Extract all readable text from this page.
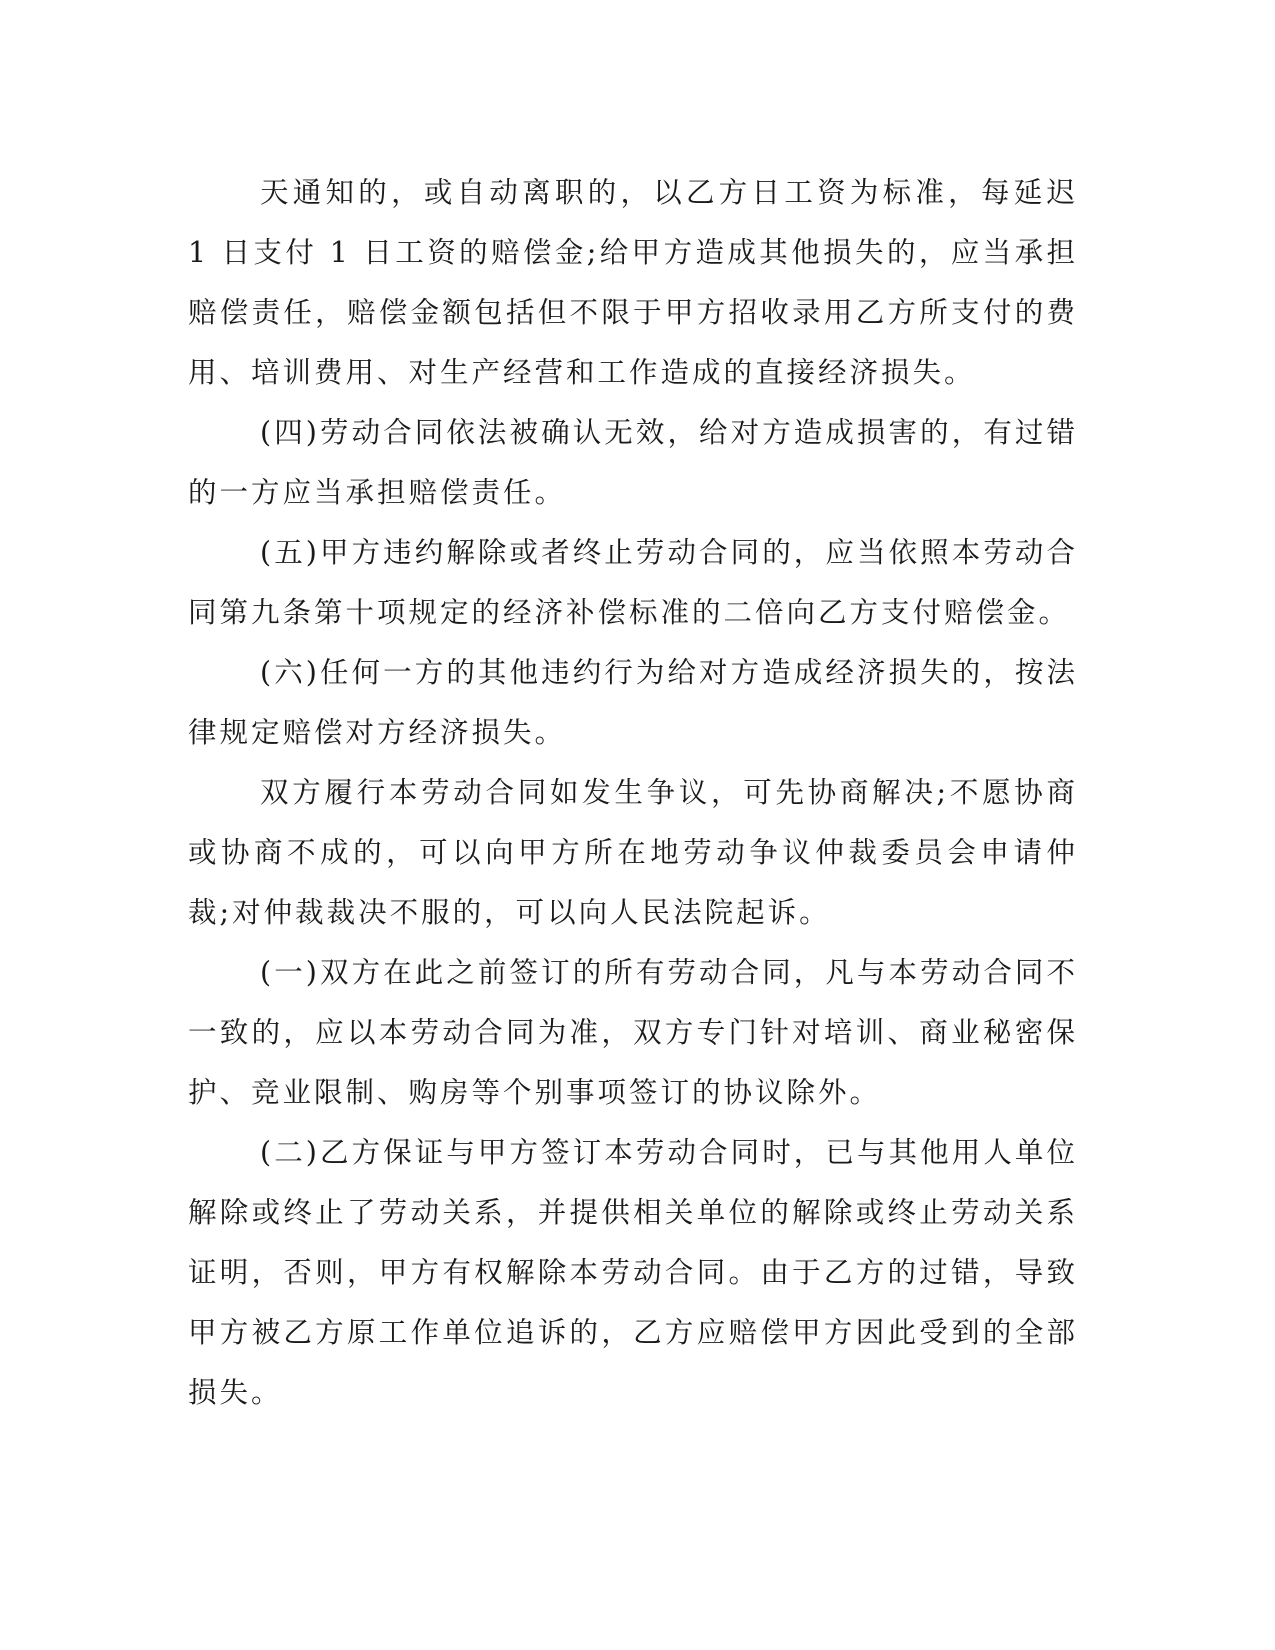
天通知的，或自动离职的，以乙方日工资为标准，每延迟 1 日支付 1 日工资的赔偿金;给甲方造成其他损失的，应当承担赔偿责任，赔偿金额包括但不限于甲方招收录用乙方所支付的费用、培训费用、对生产经营和工作造成的直接经济损失。

(四)劳动合同依法被确认无效，给对方造成损害的，有过错的一方应当承担赔偿责任。

(五)甲方违约解除或者终止劳动合同的，应当依照本劳动合同第九条第十项规定的经济补偿标准的二倍向乙方支付赔偿金。

(六)任何一方的其他违约行为给对方造成经济损失的，按法律规定赔偿对方经济损失。

双方履行本劳动合同如发生争议，可先协商解决;不愿协商或协商不成的，可以向甲方所在地劳动争议仲裁委员会申请仲裁;对仲裁裁决不服的，可以向人民法院起诉。

(一)双方在此之前签订的所有劳动合同，凡与本劳动合同不一致的，应以本劳动合同为准，双方专门针对培训、商业秘密保护、竞业限制、购房等个别事项签订的协议除外。

(二)乙方保证与甲方签订本劳动合同时，已与其他用人单位解除或终止了劳动关系，并提供相关单位的解除或终止劳动关系证明，否则，甲方有权解除本劳动合同。由于乙方的过错，导致甲方被乙方原工作单位追诉的，乙方应赔偿甲方因此受到的全部损失。
